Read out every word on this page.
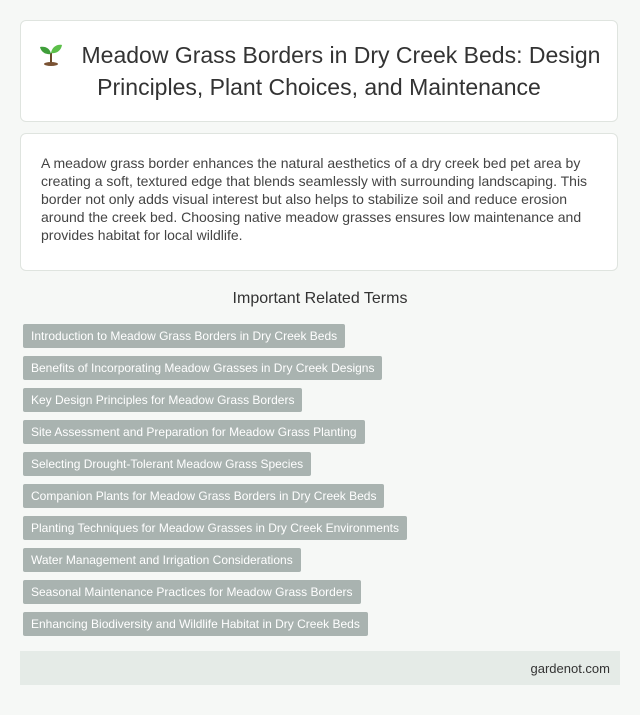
Meadow Grass Borders in Dry Creek Beds: Design Principles, Plant Choices, and Maintenance

A meadow grass border enhances the natural aesthetics of a dry creek bed pet area by creating a soft, textured edge that blends seamlessly with surrounding landscaping. This border not only adds visual interest but also helps to stabilize soil and reduce erosion around the creek bed. Choosing native meadow grasses ensures low maintenance and provides habitat for local wildlife.

Important Related Terms
Introduction to Meadow Grass Borders in Dry Creek Beds
Benefits of Incorporating Meadow Grasses in Dry Creek Designs
Key Design Principles for Meadow Grass Borders
Site Assessment and Preparation for Meadow Grass Planting
Selecting Drought-Tolerant Meadow Grass Species
Companion Plants for Meadow Grass Borders in Dry Creek Beds
Planting Techniques for Meadow Grasses in Dry Creek Environments
Water Management and Irrigation Considerations
Seasonal Maintenance Practices for Meadow Grass Borders
Enhancing Biodiversity and Wildlife Habitat in Dry Creek Beds
gardenot.com
